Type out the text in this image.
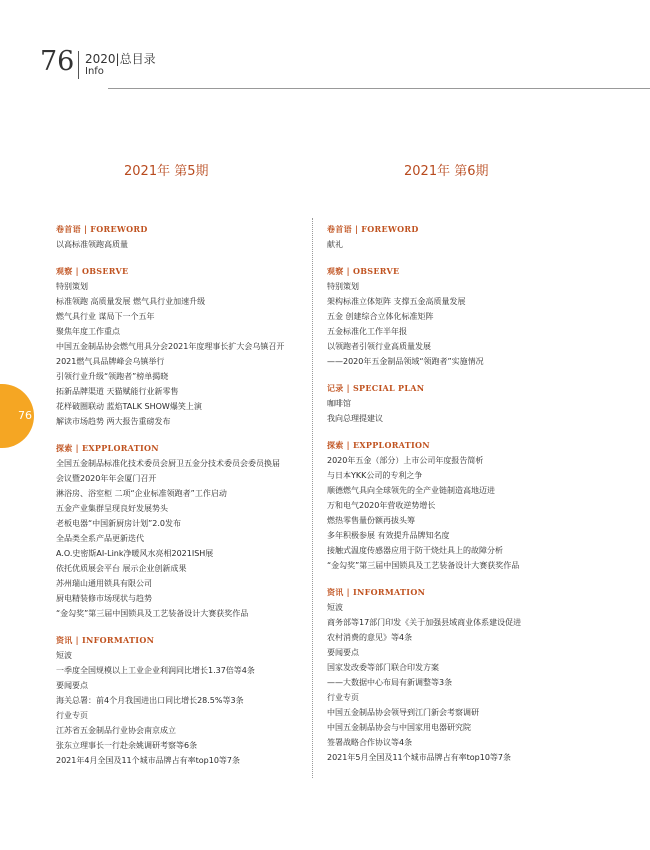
76 2020|总目录
Info
76
2021年 第5期	2021年 第6期
卷首语 | FOREWORD
以高标准领跑高质量
观察 | OBSERVE
特别策划
标准领跑 高质量发展 燃气具行业加速升级
燃气具行业 谋局下一个五年
聚焦年度工作重点
中国五金制品协会燃气用具分会2021年度理事长扩大会乌镇召开
2021燃气具品牌峰会乌镇举行
引领行业升级“领跑者”榜单揭晓
拓新品牌渠道 天猫赋能行业新零售
花样破圈联动 蓝焰TALK SHOW爆笑上演
解读市场趋势 两大报告重磅发布
探索 | EXPPLORATION
全国五金制品标准化技术委员会厨卫五金分技术委员会委员换届
会议暨2020年年会厦门召开
淋浴房、浴室柜 二项“企业标准领跑者”工作启动
五金产业集群呈现良好发展势头
老板电器“中国新厨房计划”2.0发布
全品类全系产品更新迭代
A.O.史密斯AI-Link净暖风水亮相2021ISH展
依托优质展会平台 展示企业创新成果
苏州瑞山通用锁具有限公司
厨电精装修市场现状与趋势
“金勾奖”第三届中国锁具及工艺装备设计大赛获奖作品
资讯 | INFORMATION
短波
一季度全国规模以上工业企业利润同比增长1.37倍等4条
要闻要点
海关总署：前4个月我国进出口同比增长28.5%等3条
行业专页
江苏省五金制品行业协会南京成立
张东立理事长一行赴余姚调研考察等6条
2021年4月全国及11个城市品牌占有率top10等7条
卷首语 | FOREWORD
献礼
观察 | OBSERVE
特别策划
架构标准立体矩阵 支撑五金高质量发展
五金 创建综合立体化标准矩阵
五金标准化工作半年报
以领跑者引领行业高质量发展
——2020年五金制品领域“领跑者”实施情况
记录 | SPECIAL PLAN
咖啡馆
我向总理提建议
探索 | EXPPLORATION
2020年五金（部分）上市公司年度报告简析
与日本YKK公司的专利之争
顺德燃气具向全球领先的全产业链制造高地迈进
万和电气2020年营收逆势增长
燃热零售量份额再拔头筹
多年积极参展 有效提升品牌知名度
接触式温度传感器应用于防干烧灶具上的故障分析
“金勾奖”第三届中国锁具及工艺装备设计大赛获奖作品
资讯 | INFORMATION
短波
商务部等17部门印发《关于加强县域商业体系建设促进
农村消费的意见》等4条
要闻要点
国家发改委等部门联合印发方案
——大数据中心布局有新调整等3条
行业专页
中国五金制品协会领导到江门新会考察调研
中国五金制品协会与中国家用电器研究院
签署战略合作协议等4条
2021年5月全国及11个城市品牌占有率top10等7条
